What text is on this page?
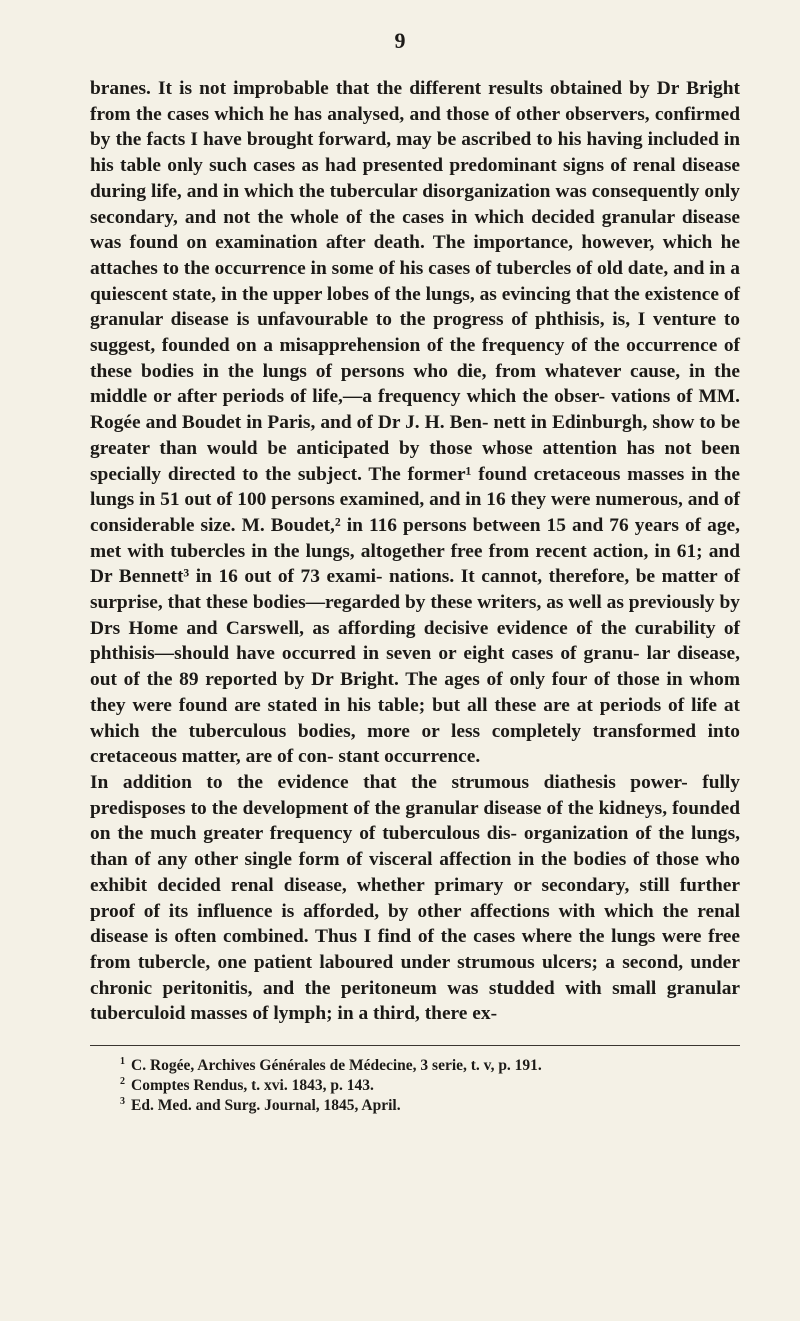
9

branes. It is not improbable that the different results obtained by Dr Bright from the cases which he has analysed, and those of other observers, confirmed by the facts I have brought forward, may be ascribed to his having included in his table only such cases as had presented predominant signs of renal disease during life, and in which the tubercular disorganization was consequently only secondary, and not the whole of the cases in which decided granular disease was found on examination after death. The importance, however, which he attaches to the occurrence in some of his cases of tubercles of old date, and in a quiescent state, in the upper lobes of the lungs, as evincing that the existence of granular disease is unfavourable to the progress of phthisis, is, I venture to suggest, founded on a misapprehension of the frequency of the occurrence of these bodies in the lungs of persons who die, from whatever cause, in the middle or after periods of life,—a frequency which the obser- vations of MM. Rogée and Boudet in Paris, and of Dr J. H. Ben- nett in Edinburgh, show to be greater than would be anticipated by those whose attention has not been specially directed to the subject. The former¹ found cretaceous masses in the lungs in 51 out of 100 persons examined, and in 16 they were numerous, and of considerable size. M. Boudet,² in 116 persons between 15 and 76 years of age, met with tubercles in the lungs, altogether free from recent action, in 61; and Dr Bennett³ in 16 out of 73 exami- nations. It cannot, therefore, be matter of surprise, that these bodies—regarded by these writers, as well as previously by Drs Home and Carswell, as affording decisive evidence of the curability of phthisis—should have occurred in seven or eight cases of granu- lar disease, out of the 89 reported by Dr Bright. The ages of only four of those in whom they were found are stated in his table; but all these are at periods of life at which the tuberculous bodies, more or less completely transformed into cretaceous matter, are of con- stant occurrence.

In addition to the evidence that the strumous diathesis power- fully predisposes to the development of the granular disease of the kidneys, founded on the much greater frequency of tuberculous dis- organization of the lungs, than of any other single form of visceral affection in the bodies of those who exhibit decided renal disease, whether primary or secondary, still further proof of its influence is afforded, by other affections with which the renal disease is often combined. Thus I find of the cases where the lungs were free from tubercle, one patient laboured under strumous ulcers; a second, under chronic peritonitis, and the peritoneum was studded with small granular tuberculoid masses of lymph; in a third, there ex-

$^1$ C. Rogée, Archives Générales de Médecine, 3 serie, t. v, p. 191.

$^2$ Comptes Rendus, t. xvi. 1843, p. 143.

$^3$ Ed. Med. and Surg. Journal, 1845, April.
